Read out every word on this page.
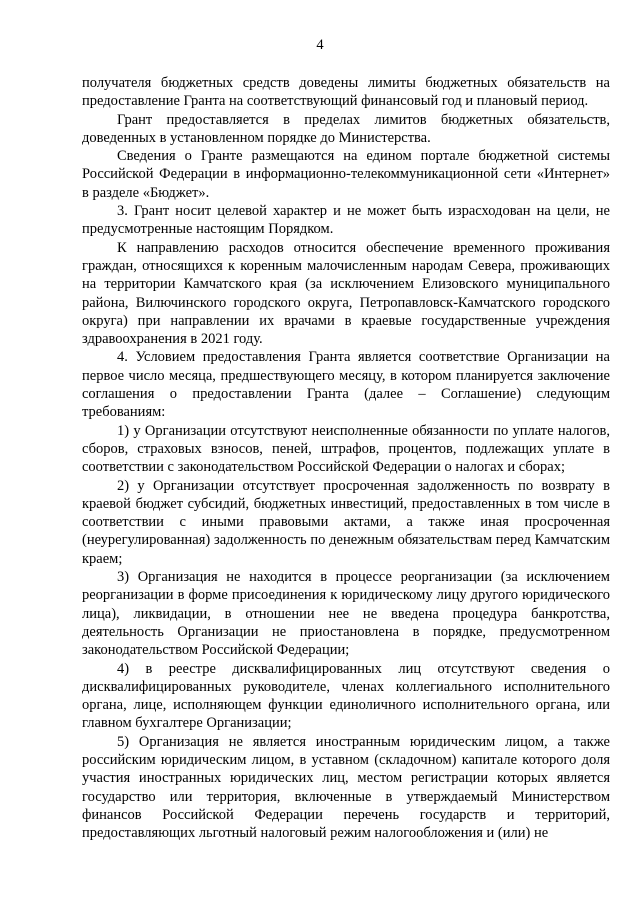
4

получателя бюджетных средств доведены лимиты бюджетных обязательств на предоставление Гранта на соответствующий финансовый год и плановый период.

Грант предоставляется в пределах лимитов бюджетных обязательств, доведенных в установленном порядке до Министерства.

Сведения о Гранте размещаются на едином портале бюджетной системы Российской Федерации в информационно-телекоммуникационной сети «Интернет» в разделе «Бюджет».

3. Грант носит целевой характер и не может быть израсходован на цели, не предусмотренные настоящим Порядком.

К направлению расходов относится обеспечение временного проживания граждан, относящихся к коренным малочисленным народам Севера, проживающих на территории Камчатского края (за исключением Елизовского муниципального района, Вилючинского городского округа, Петропавловск-Камчатского городского округа) при направлении их врачами в краевые государственные учреждения здравоохранения в 2021 году.

4. Условием предоставления Гранта является соответствие Организации на первое число месяца, предшествующего месяцу, в котором планируется заключение соглашения о предоставлении Гранта (далее – Соглашение) следующим требованиям:

1) у Организации отсутствуют неисполненные обязанности по уплате налогов, сборов, страховых взносов, пеней, штрафов, процентов, подлежащих уплате в соответствии с законодательством Российской Федерации о налогах и сборах;

2) у Организации отсутствует просроченная задолженность по возврату в краевой бюджет субсидий, бюджетных инвестиций, предоставленных в том числе в соответствии с иными правовыми актами, а также иная просроченная (неурегулированная) задолженность по денежным обязательствам перед Камчатским краем;

3) Организация не находится в процессе реорганизации (за исключением реорганизации в форме присоединения к юридическому лицу другого юридического лица), ликвидации, в отношении нее не введена процедура банкротства, деятельность Организации не приостановлена в порядке, предусмотренном законодательством Российской Федерации;

4) в реестре дисквалифицированных лиц отсутствуют сведения о дисквалифицированных руководителе, членах коллегиального исполнительного органа, лице, исполняющем функции единоличного исполнительного органа, или главном бухгалтере Организации;

5) Организация не является иностранным юридическим лицом, а также российским юридическим лицом, в уставном (складочном) капитале которого доля участия иностранных юридических лиц, местом регистрации которых является государство или территория, включенные в утверждаемый Министерством финансов Российской Федерации перечень государств и территорий, предоставляющих льготный налоговый режим налогообложения и (или) не
